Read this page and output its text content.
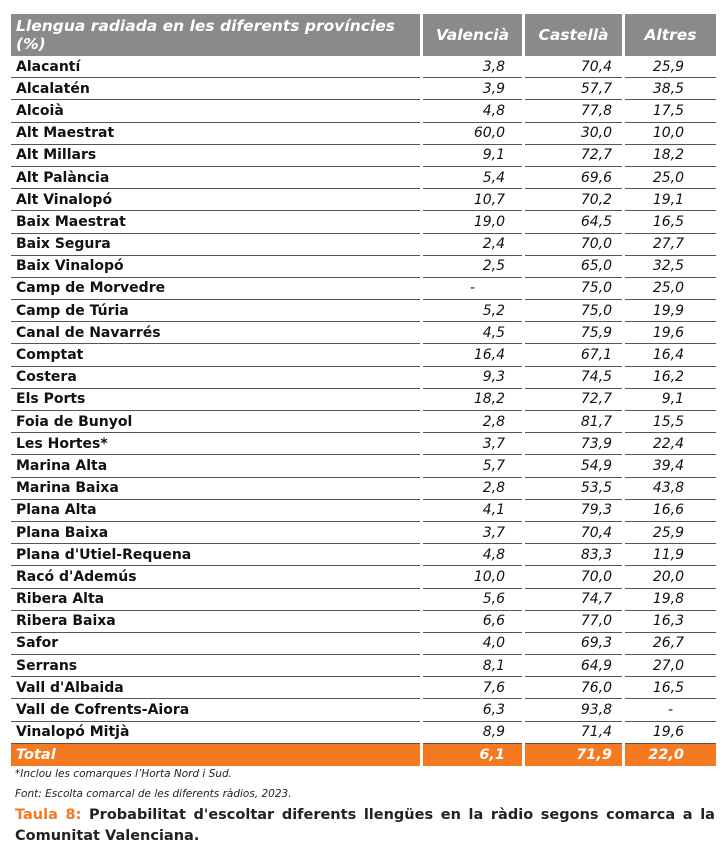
Llengua radiada en les diferents províncies (%)	Valencià	Castellà	Altres
Alacantí	3,8	70,4	25,9
Alcalatén	3,9	57,7	38,5
Alcoià	4,8	77,8	17,5
Alt Maestrat	60,0	30,0	10,0
Alt Millars	9,1	72,7	18,2
Alt Palància	5,4	69,6	25,0
Alt Vinalopó	10,7	70,2	19,1
Baix Maestrat	19,0	64,5	16,5
Baix Segura	2,4	70,0	27,7
Baix Vinalopó	2,5	65,0	32,5
Camp de Morvedre	-	75,0	25,0
Camp de Túria	5,2	75,0	19,9
Canal de Navarrés	4,5	75,9	19,6
Comptat	16,4	67,1	16,4
Costera	9,3	74,5	16,2
Els Ports	18,2	72,7	9,1
Foia de Bunyol	2,8	81,7	15,5
Les Hortes*	3,7	73,9	22,4
Marina Alta	5,7	54,9	39,4
Marina Baixa	2,8	53,5	43,8
Plana Alta	4,1	79,3	16,6
Plana Baixa	3,7	70,4	25,9
Plana d'Utiel-Requena	4,8	83,3	11,9
Racó d'Ademús	10,0	70,0	20,0
Ribera Alta	5,6	74,7	19,8
Ribera Baixa	6,6	77,0	16,3
Safor	4,0	69,3	26,7
Serrans	8,1	64,9	27,0
Vall d'Albaida	7,6	76,0	16,5
Vall de Cofrents-Aiora	6,3	93,8	-
Vinalopó Mitjà	8,9	71,4	19,6
Total	6,1	71,9	22,0
*Inclou les comarques l’Horta Nord i Sud.
Font: Escolta comarcal de les diferents ràdios, 2023.
Taula 8: Probabilitat d'escoltar diferents llengües en la ràdio segons comarca a la Comunitat Valenciana.
